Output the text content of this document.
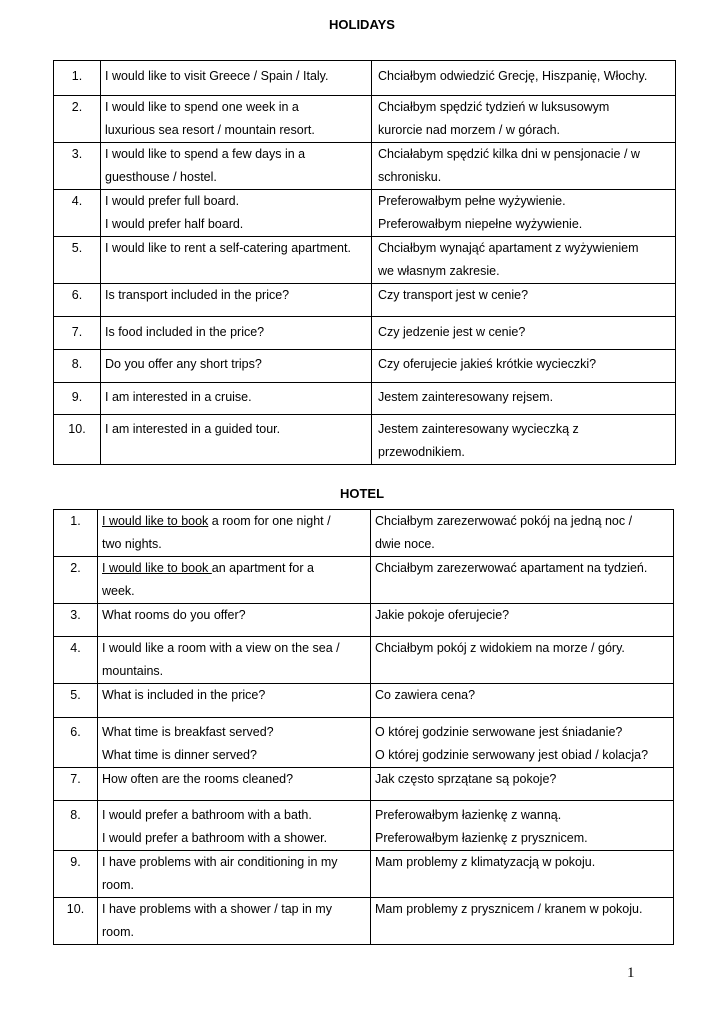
HOLIDAYS
1.	I would like to visit Greece / Spain / Italy.	Chciałbym odwiedzić Grecję, Hiszpanię, Włochy.

2.	I would like to spend one week in a
luxurious sea resort / mountain resort.	Chciałbym spędzić tydzień w luksusowym
kurorcie nad morzem / w górach.

3.	I would like to spend a few days in a
guesthouse / hostel.	Chciałabym spędzić kilka dni w pensjonacie / w
schronisku.

4.	I would prefer full board.
I would prefer half board.	Preferowałbym pełne wyżywienie.
Preferowałbym niepełne wyżywienie.

5.	I would like to rent a self-catering apartment.	Chciałbym wynająć apartament z wyżywieniem
we własnym zakresie.

6.	Is transport included in the price?	Czy transport jest w cenie?

7.	Is food included in the price?	Czy jedzenie jest w cenie?

8.	Do you offer any short trips?	Czy oferujecie jakieś krótkie wycieczki?

9.	I am interested in a cruise.	Jestem zainteresowany rejsem.

10.	I am interested in a guided tour.	Jestem zainteresowany wycieczką z
przewodnikiem.
HOTEL
1.	I would like to book a room for one night /
two nights.	Chciałbym zarezerwować pokój na jedną noc /
dwie noce.

2.	I would like to book an apartment for a
week.	Chciałbym zarezerwować apartament na tydzień.

3.	What rooms do you offer?	Jakie pokoje oferujecie?

4.	I would like a room with a view on the sea /
mountains.	Chciałbym pokój z widokiem na morze / góry.

5.	What is included in the price?	Co zawiera cena?

6.	What time is breakfast served?
What time is dinner served?	O której godzinie serwowane jest śniadanie?
O której godzinie serwowany jest obiad / kolacja?

7.	How often are the rooms cleaned?	Jak często sprzątane są pokoje?

8.	I would prefer a bathroom with a bath.
I would prefer a bathroom with a shower.	Preferowałbym łazienkę z wanną.
Preferowałbym łazienkę z prysznicem.

9.	I have problems with air conditioning in my
room.	Mam problemy z klimatyzacją w pokoju.

10.	I have problems with a shower / tap in my
room.	Mam problemy z prysznicem / kranem w pokoju.
1
